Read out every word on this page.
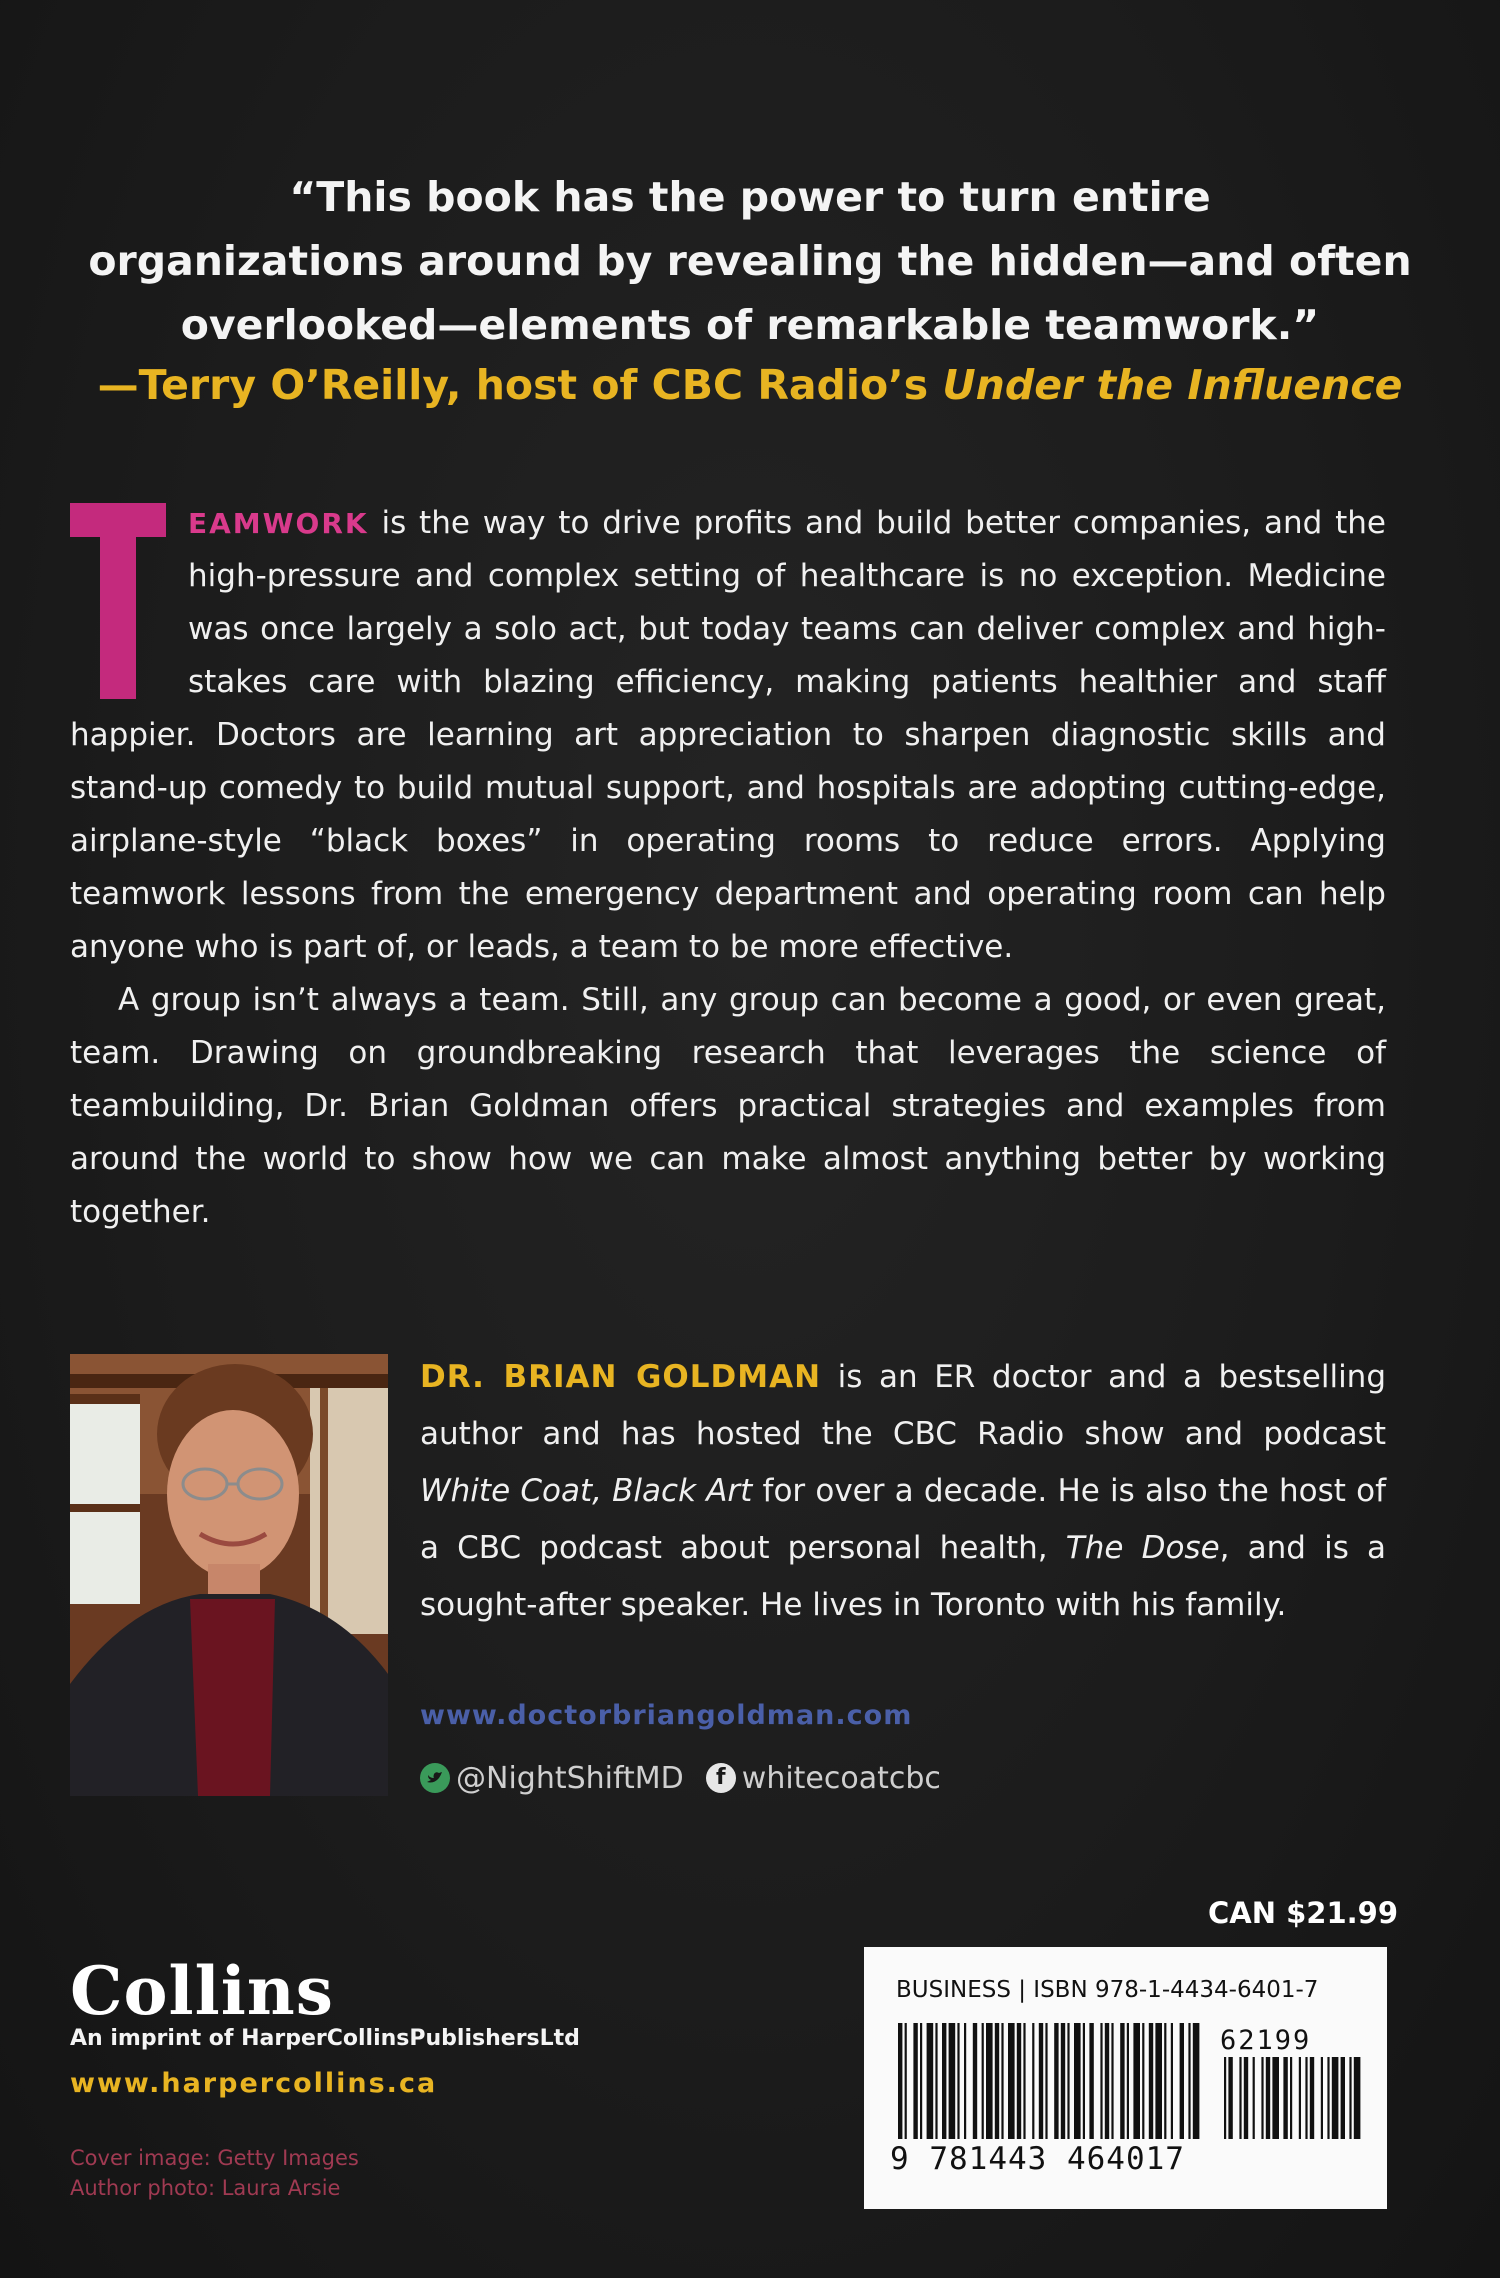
“This book has the power to turn entire
organizations around by revealing the hidden—and often
overlooked—elements of remarkable teamwork.”
—Terry O’Reilly, host of CBC Radio’s Under the Influence

EAMWORK is the way to drive profits and build better companies, and the high-pressure and complex setting of healthcare is no exception. Medicine was once largely a solo act, but today teams can deliver complex and high-stakes care with blazing efficiency, making patients healthier and staff happier. Doctors are learning art appreciation to sharpen diagnostic skills and stand-up comedy to build mutual support, and hospitals are adopting cutting-edge, airplane-style “black boxes” in operating rooms to reduce errors. Applying teamwork lessons from the emergency department and operating room can help anyone who is part of, or leads, a team to be more effective.

A group isn’t always a team. Still, any group can become a good, or even great, team. Drawing on groundbreaking research that leverages the science of teambuilding, Dr. Brian Goldman offers practical strategies and examples from around the world to show how we can make almost anything better by working together.

DR. BRIAN GOLDMAN is an ER doctor and a bestselling author and has hosted the CBC Radio show and podcast White Coat, Black Art for over a decade. He is also the host of a CBC podcast about personal health, The Dose, and is a sought-after speaker. He lives in Toronto with his family.
www.doctorbriangoldman.com
@NightShiftMD f whitecoatcbc
CAN $21.99
Collins
An imprint of HarperCollinsPublishersLtd
www.harpercollins.ca
Cover image: Getty Images
Author photo: Laura Arsie
BUSINESS | ISBN 978-1-4434-6401-7
62199
9 781443 464017
